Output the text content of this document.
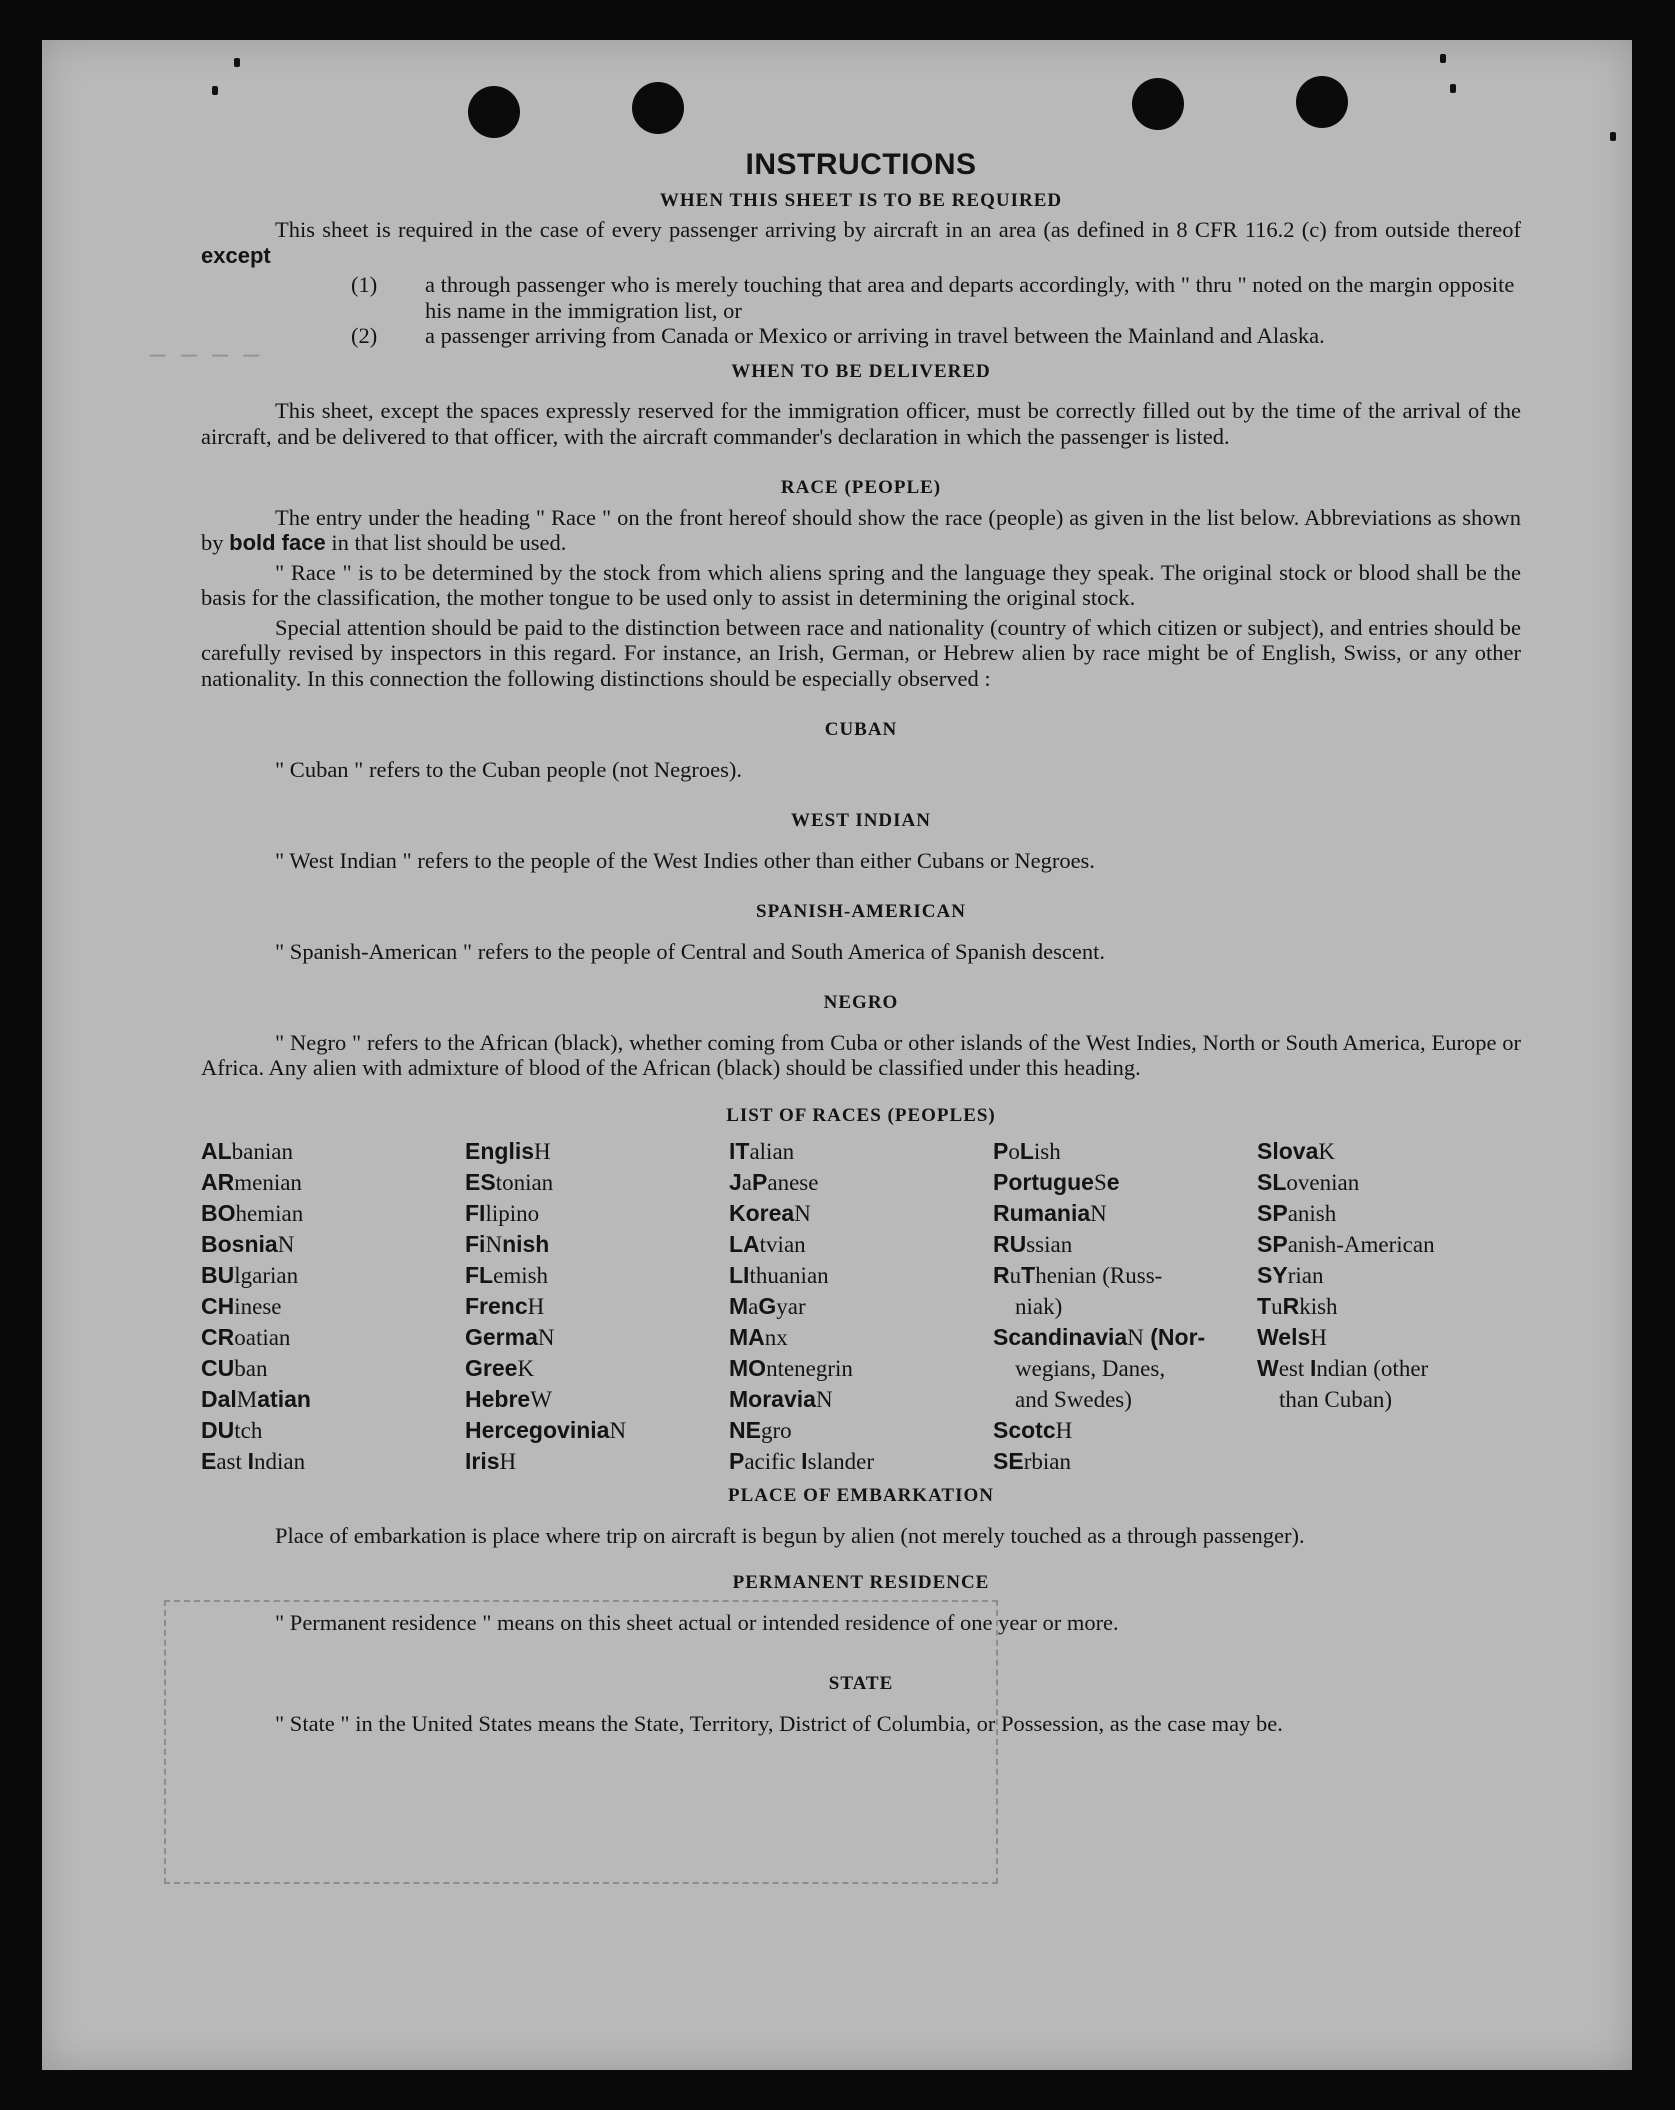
— — — —
INSTRUCTIONS
WHEN THIS SHEET IS TO BE REQUIRED

This sheet is required in the case of every passenger arriving by aircraft in an area (as defined in 8 CFR 116.2 (c) from outside thereof except

(1) a through passenger who is merely touching that area and departs accordingly, with " thru " noted on the margin opposite his name in the immigration list, or

(2) a passenger arriving from Canada or Mexico or arriving in travel between the Mainland and Alaska.

WHEN TO BE DELIVERED

This sheet, except the spaces expressly reserved for the immigration officer, must be correctly filled out by the time of the arrival of the aircraft, and be delivered to that officer, with the aircraft commander's declaration in which the passenger is listed.

RACE (PEOPLE)

The entry under the heading " Race " on the front hereof should show the race (people) as given in the list below. Abbreviations as shown by bold face in that list should be used.

" Race " is to be determined by the stock from which aliens spring and the language they speak. The original stock or blood shall be the basis for the classification, the mother tongue to be used only to assist in determining the original stock.

Special attention should be paid to the distinction between race and nationality (country of which citizen or subject), and entries should be carefully revised by inspectors in this regard. For instance, an Irish, German, or Hebrew alien by race might be of English, Swiss, or any other nationality. In this connection the following distinctions should be especially observed :

CUBAN

" Cuban " refers to the Cuban people (not Negroes).

WEST INDIAN

" West Indian " refers to the people of the West Indies other than either Cubans or Negroes.

SPANISH-AMERICAN

" Spanish-American " refers to the people of Central and South America of Spanish descent.

NEGRO

" Negro " refers to the African (black), whether coming from Cuba or other islands of the West Indies, North or South America, Europe or Africa. Any alien with admixture of blood of the African (black) should be classified under this heading.

LIST OF RACES (PEOPLES)

ALbanian

ARmenian

BOhemian

BosniaN

BUlgarian

CHinese

CRoatian

CUban

DalMatian

DUtch

East Indian

EnglisH

EStonian

FIlipino

FiNnish

FLemish

FrencH

GermaN

GreeK

HebreW

HercegoviniaN

IrisH

ITalian

JaPanese

KoreaN

LAtvian

LIthuanian

MaGyar

MAnx

MOntenegrin

MoraviaN

NEgro

Pacific Islander

PoLish

PortugueSe

RumaniaN

RUssian

RuThenian (Russ-

niak)

ScandinaviaN (Nor-

wegians, Danes,

and Swedes)

ScotcH

SErbian

SlovaK

SLovenian

SPanish

SPanish-American

SYrian

TuRkish

WelsH

West Indian (other

than Cuban)

PLACE OF EMBARKATION

Place of embarkation is place where trip on aircraft is begun by alien (not merely touched as a through passenger).

PERMANENT RESIDENCE

" Permanent residence " means on this sheet actual or intended residence of one year or more.

STATE

" State " in the United States means the State, Territory, District of Columbia, or Possession, as the case may be.
